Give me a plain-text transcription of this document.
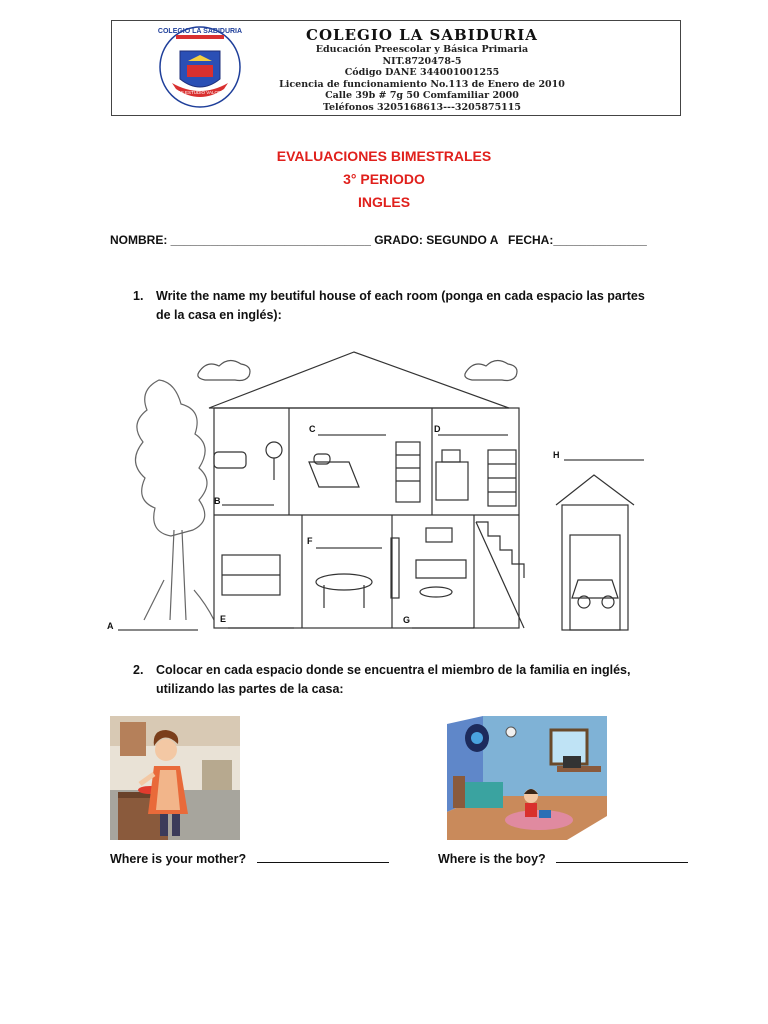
COLEGIO LA SABIDURIA
DIOS ESTUDIO VALORES
COLEGIO LA SABIDURIA
Educación Preescolar y Básica Primaria
NIT.8720478-5
Código DANE 344001001255
Licencia de funcionamiento No.113 de Enero de 2010
Calle 39b # 7g 50 Comfamiliar 2000
Teléfonos 3205168613---3205875115
EVALUACIONES BIMESTRALES
3° PERIODO
INGLES
NOMBRE: ______________________________ GRADO: SEGUNDO A   FECHA:______________
1. Write the name my beutiful house of each room (ponga en cada espacio las partes
de la casa en inglés):
A
B
C	D
E
F
G
H
2. Colocar en cada espacio donde se encuentra el miembro de la familia en inglés,
utilizando las partes de la casa:
Where is your mother?	Where is the boy?
